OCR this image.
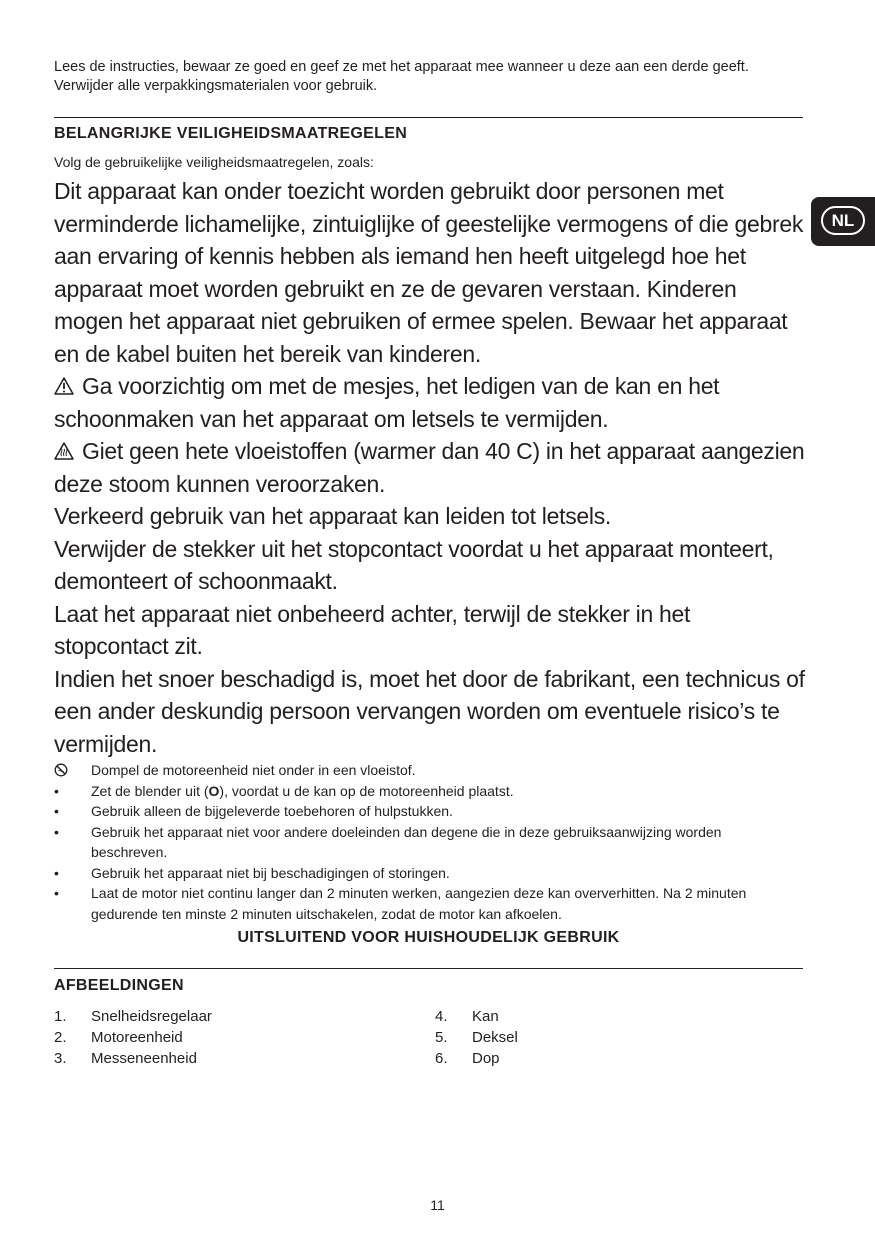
Lees de instructies, bewaar ze goed en geef ze met het apparaat mee wanneer u deze aan een derde geeft. Verwijder alle verpakkingsmaterialen voor gebruik.
BELANGRIJKE VEILIGHEIDSMAATREGELEN
Volg de gebruikelijke veiligheidsmaatregelen, zoals:
NL

Dit apparaat kan onder toezicht worden gebruikt door personen met verminderde lichamelijke, zintuiglijke of geestelijke vermogens of die gebrek aan ervaring of kennis hebben als iemand hen heeft uitgelegd hoe het apparaat moet worden gebruikt en ze de gevaren verstaan. Kinderen mogen het apparaat niet gebruiken of ermee spelen. Bewaar het apparaat en de kabel buiten het bereik van kinderen.

Ga voorzichtig om met de mesjes, het ledigen van de kan en het schoonmaken van het apparaat om letsels te vermijden.

Giet geen hete vloeistoffen (warmer dan 40 C) in het apparaat aangezien deze stoom kunnen veroorzaken.

Verkeerd gebruik van het apparaat kan leiden tot letsels.

Verwijder de stekker uit het stopcontact voordat u het apparaat monteert, demonteert of schoonmaakt.

Laat het apparaat niet onbeheerd achter, terwijl de stekker in het stopcontact zit.

Indien het snoer beschadigd is, moet het door de fabrikant, een technicus of een ander deskundig persoon vervangen worden om eventuele risico’s te vermijden.

Dompel de motoreenheid niet onder in een vloeistof.
•	Zet de blender uit (O), voordat u de kan op de motoreenheid plaatst.
•	Gebruik alleen de bijgeleverde toebehoren of hulpstukken.
•	Gebruik het apparaat niet voor andere doeleinden dan degene die in deze gebruiksaanwijzing worden beschreven.
•	Gebruik het apparaat niet bij beschadigingen of storingen.
•	Laat de motor niet continu langer dan 2 minuten werken, aangezien deze kan oververhitten. Na 2 minuten gedurende ten minste 2 minuten uitschakelen, zodat de motor kan afkoelen.
UITSLUITEND VOOR HUISHOUDELIJK GEBRUIK
AFBEELDINGEN
1. Snelheidsregelaar
2. Motoreenheid
3. Messeneenheid
4. Kan
5. Deksel
6. Dop
11
